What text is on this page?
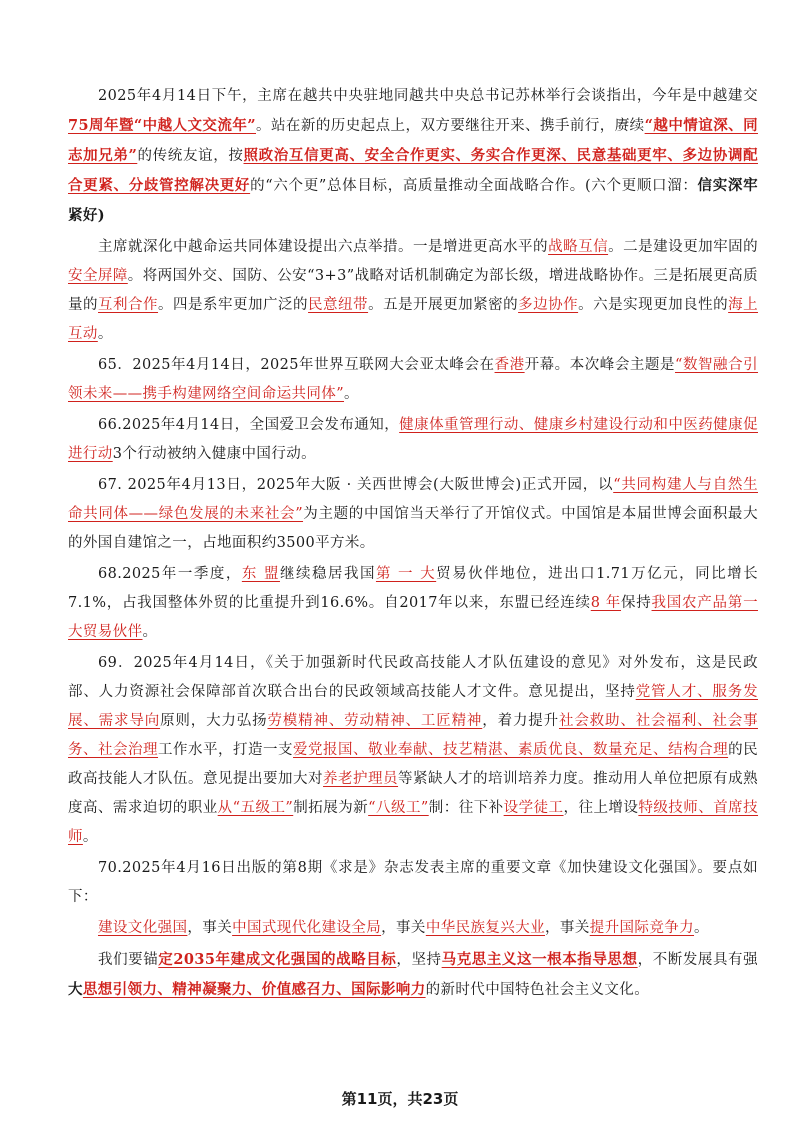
2025年4月14日下午，主席在越共中央驻地同越共中央总书记苏林举行会谈指出，今年是中越建交75周年暨“中越人文交流年”。站在新的历史起点上，双方要继往开来、携手前行，赓续“越中情谊深、同志加兄弟”的传统友谊，按照政治互信更高、安全合作更实、务实合作更深、民意基础更牢、多边协调配合更紧、分歧管控解决更好的“六个更”总体目标，高质量推动全面战略合作。(六个更顺口溜：信实深牢紧好)

主席就深化中越命运共同体建设提出六点举措。一是增进更高水平的战略互信。二是建设更加牢固的安全屏障。将两国外交、国防、公安“3+3”战略对话机制确定为部长级，增进战略协作。三是拓展更高质量的互利合作。四是系牢更加广泛的民意纽带。五是开展更加紧密的多边协作。六是实现更加良性的海上互动。

65．2025年4月14日，2025年世界互联网大会亚太峰会在香港开幕。本次峰会主题是“数智融合引领未来——携手构建网络空间命运共同体”。

66.2025年4月14日，全国爱卫会发布通知，健康体重管理行动、健康乡村建设行动和中医药健康促进行动3个行动被纳入健康中国行动。

67. 2025年4月13日，2025年大阪 · 关西世博会(大阪世博会)正式开园，以“共同构建人与自然生命共同体——绿色发展的未来社会”为主题的中国馆当天举行了开馆仪式。中国馆是本届世博会面积最大的外国自建馆之一，占地面积约3500平方米。

68.2025年一季度，东 盟继续稳居我国第 一 大贸易伙伴地位，进出口1.71万亿元，同比增长7.1%，占我国整体外贸的比重提升到16.6%。自2017年以来，东盟已经连续8 年保持我国农产品第一大贸易伙伴。

69．2025年4月14日，《关于加强新时代民政高技能人才队伍建设的意见》对外发布，这是民政部、人力资源社会保障部首次联合出台的民政领域高技能人才文件。意见提出，坚持党管人才、服务发展、需求导向原则，大力弘扬劳模精神、劳动精神、工匠精神，着力提升社会救助、社会福利、社会事务、社会治理工作水平，打造一支爱党报国、敬业奉献、技艺精湛、素质优良、数量充足、结构合理的民政高技能人才队伍。意见提出要加大对养老护理员等紧缺人才的培训培养力度。推动用人单位把原有成熟度高、需求迫切的职业从“五级工”制拓展为新“八级工”制：往下补设学徒工，往上增设特级技师、首席技师。

70.2025年4月16日出版的第8期《求是》杂志发表主席的重要文章《加快建设文化强国》。要点如下：

建设文化强国，事关中国式现代化建设全局，事关中华民族复兴大业，事关提升国际竞争力。

我们要锚定2035年建成文化强国的战略目标，坚持马克思主义这一根本指导思想，不断发展具有强大思想引领力、精神凝聚力、价值感召力、国际影响力的新时代中国特色社会主义文化。

第11页，共23页
